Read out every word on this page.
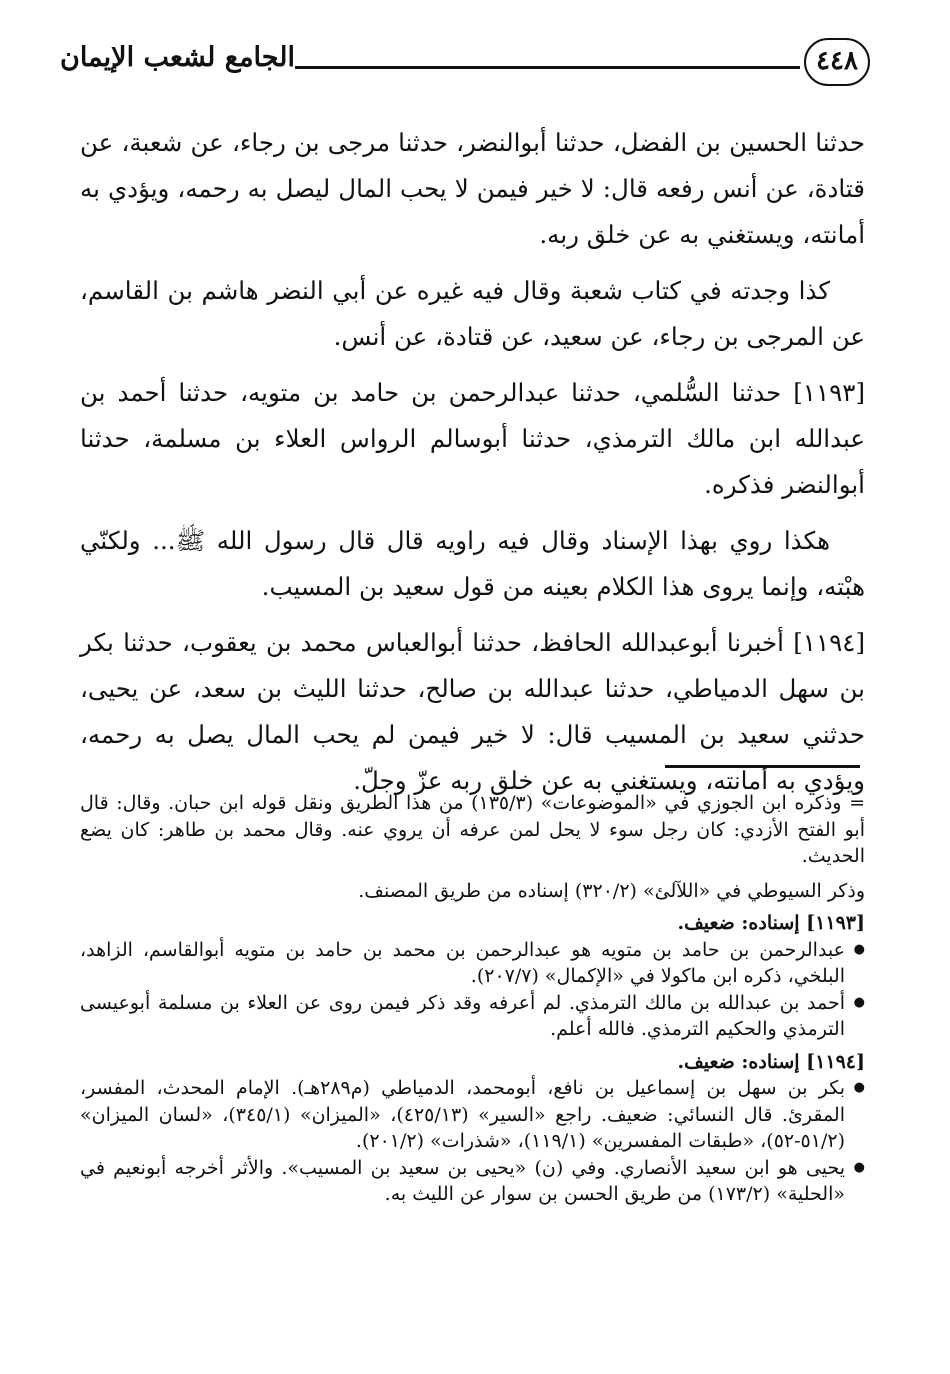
٤٤٨
الجامع لشعب الإيمان

حدثنا الحسين بن الفضل، حدثنا أبوالنضر، حدثنا مرجى بن رجاء، عن شعبة، عن قتادة، عن أنس رفعه قال: لا خير فيمن لا يحب المال ليصل به رحمه، ويؤدي به أمانته، ويستغني به عن خلق ربه.

كذا وجدته في كتاب شعبة وقال فيه غيره عن أبي النضر هاشم بن القاسم، عن المرجى بن رجاء، عن سعيد، عن قتادة، عن أنس.

[١١٩٣] حدثنا السُّلمي، حدثنا عبدالرحمن بن حامد بن متويه، حدثنا أحمد بن عبدالله ابن مالك الترمذي، حدثنا أبوسالم الرواس العلاء بن مسلمة، حدثنا أبوالنضر فذكره.

هكذا روي بهذا الإسناد وقال فيه راويه قال قال رسول الله ﷺ... ولكنّي هبْته، وإنما يروى هذا الكلام بعينه من قول سعيد بن المسيب.

[١١٩٤] أخبرنا أبوعبدالله الحافظ، حدثنا أبوالعباس محمد بن يعقوب، حدثنا بكر بن سهل الدمياطي، حدثنا عبدالله بن صالح، حدثنا الليث بن سعد، عن يحيى، حدثني سعيد بن المسيب قال: لا خير فيمن لم يحب المال يصل به رحمه، ويؤدي به أمانته، ويستغني به عن خلق ربه عزّ وجلّ.

= وذكره ابن الجوزي في «الموضوعات» (١٣٥/٣) من هذا الطريق ونقل قوله ابن حبان. وقال: قال أبو الفتح الأزدي: كان رجل سوء لا يحل لمن عرفه أن يروي عنه. وقال محمد بن طاهر: كان يضع الحديث.

وذكر السيوطي في «اللآلئ» (٣٢٠/٢) إسناده من طريق المصنف.

[١١٩٣] إسناده: ضعيف.

● عبدالرحمن بن حامد بن متويه هو عبدالرحمن بن محمد بن حامد بن متويه أبوالقاسم، الزاهد، البلخي، ذكره ابن ماكولا في «الإكمال» (٢٠٧/٧).

● أحمد بن عبدالله بن مالك الترمذي. لم أعرفه وقد ذكر فيمن روى عن العلاء بن مسلمة أبوعيسى الترمذي والحكيم الترمذي. فالله أعلم.

[١١٩٤] إسناده: ضعيف.

● بكر بن سهل بن إسماعيل بن نافع، أبومحمد، الدمياطي (م٢٨٩هـ). الإمام المحدث، المفسر، المقرئ. قال النسائي: ضعيف. راجع «السير» (٤٢٥/١٣)، «الميزان» (٣٤٥/١)، «لسان الميزان» (٥١/٢-٥٢)، «طبقات المفسرين» (١١٩/١)، «شذرات» (٢٠١/٢).

● يحيى هو ابن سعيد الأنصاري. وفي (ن) «يحيى بن سعيد بن المسيب». والأثر أخرجه أبونعيم في «الحلية» (١٧٣/٢) من طريق الحسن بن سوار عن الليث به.
